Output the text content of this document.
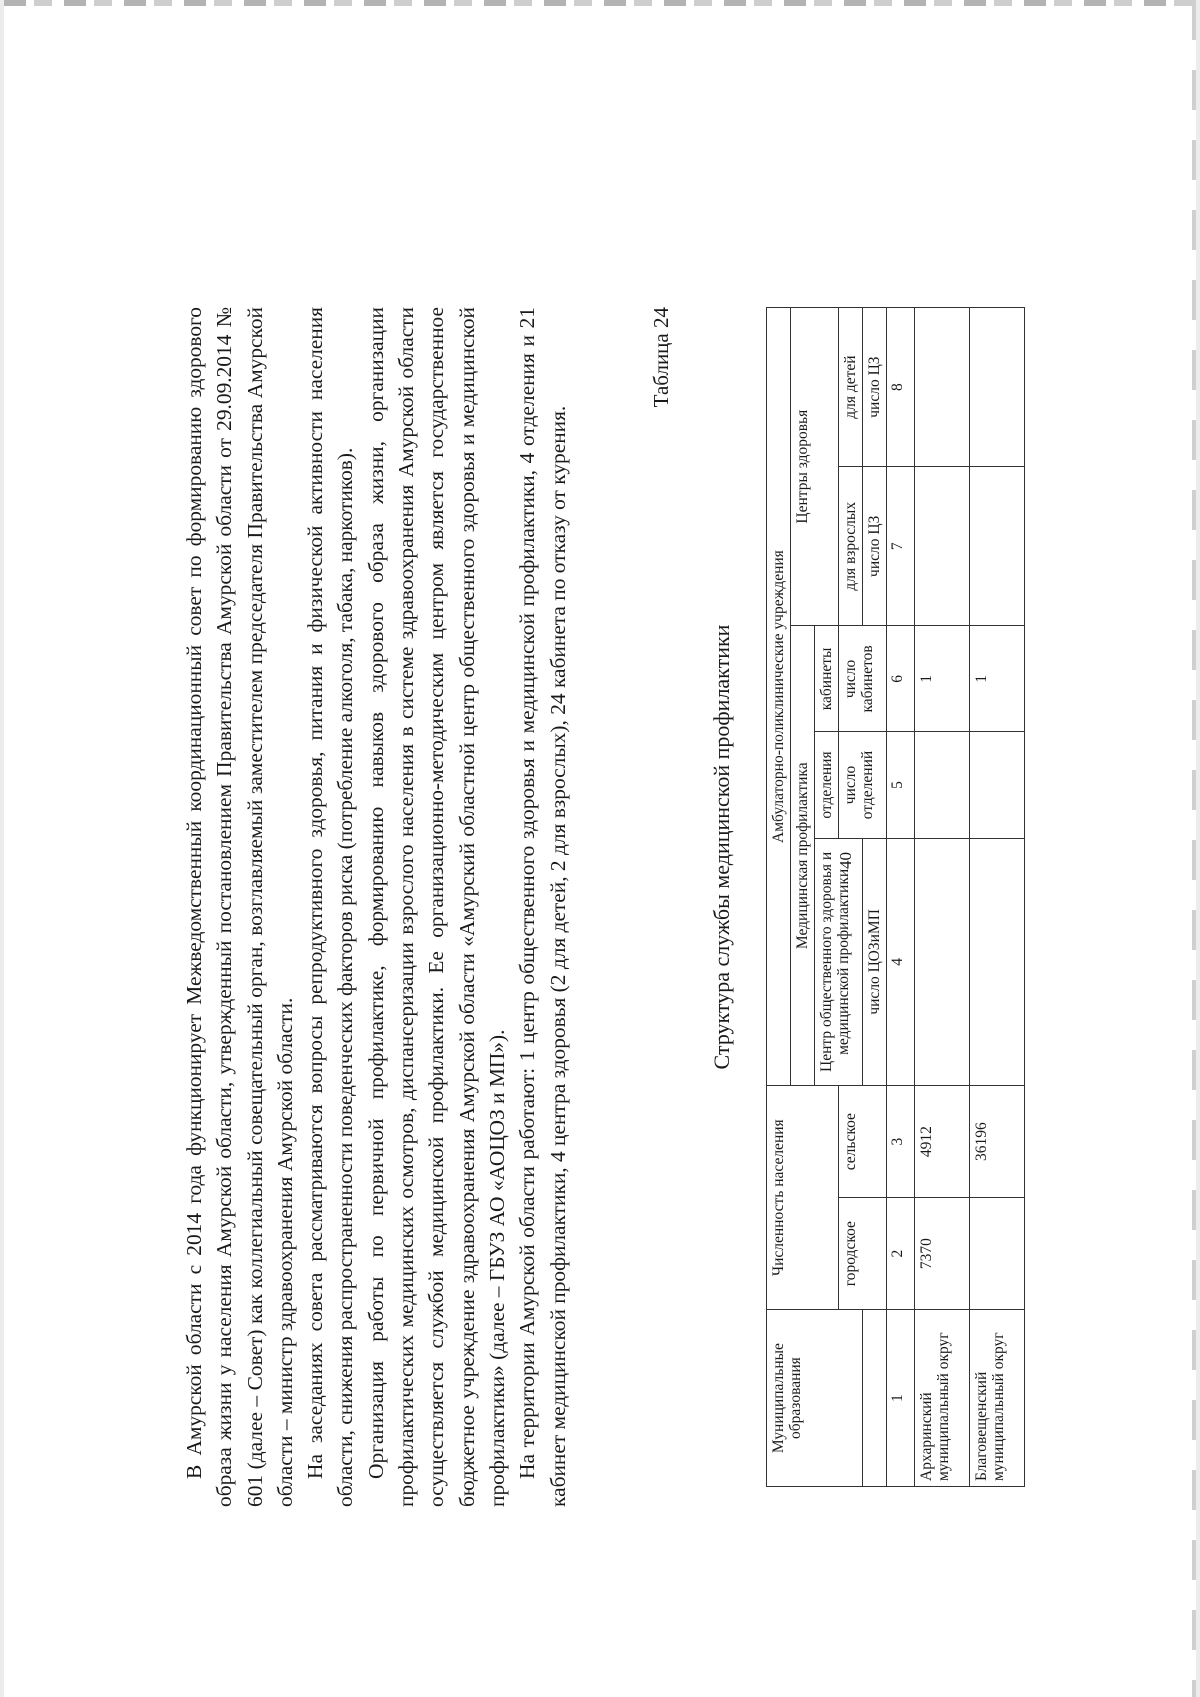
40

В Амурской области с 2014 года функционирует Межведомственный координационный совет по формированию здорового образа жизни у населения Амурской области, утвержденный постановлением Правительства Амурской области от 29.09.2014 № 601 (далее – Совет) как коллегиальный совещательный орган, возглавляемый заместителем председателя Правительства Амурской области – министр здравоохранения Амурской области. На заседаниях совета рассматриваются вопросы репродуктивного здоровья, питания и физической активности населения области, снижения распространенности поведенческих факторов риска (потребление алкоголя, табака, наркотиков). Организация работы по первичной профилактике, формированию навыков здорового образа жизни, организации профилактических медицинских осмотров, диспансеризации взрослого населения в системе здравоохранения Амурской области осуществляется службой медицинской профилактики. Ее организационно-методическим центром является государственное бюджетное учреждение здравоохранения Амурской области «Амурский областной центр общественного здоровья и медицинской профилактики» (далее – ГБУЗ АО «АОЦОЗ и МП»). На территории Амурской области работают: 1 центр общественного здоровья и медицинской профилактики, 4 отделения и 21 кабинет медицинской профилактики, 4 центра здоровья (2 для детей, 2 для взрослых), 24 кабинета по отказу от курения.

Таблица 24
Структура службы медицинской профилактики
Муниципальные образования	Численность населения		Амбулаторно-поликлинические учреждения				
			Медицинская профилактика			Центры здоровья	
			Центр общественного здоровья и медицинской профилактики	отделения	кабинеты		
	городское	сельское		число отделений	число кабинетов	для взрослых	для детей
			число ЦОЗиМП			число ЦЗ	число ЦЗ
1	2	3	4	5	6	7	8
Архаринский муниципальный округ	7370	4912			1		
Благовещенский муниципальный округ		36196			1		
